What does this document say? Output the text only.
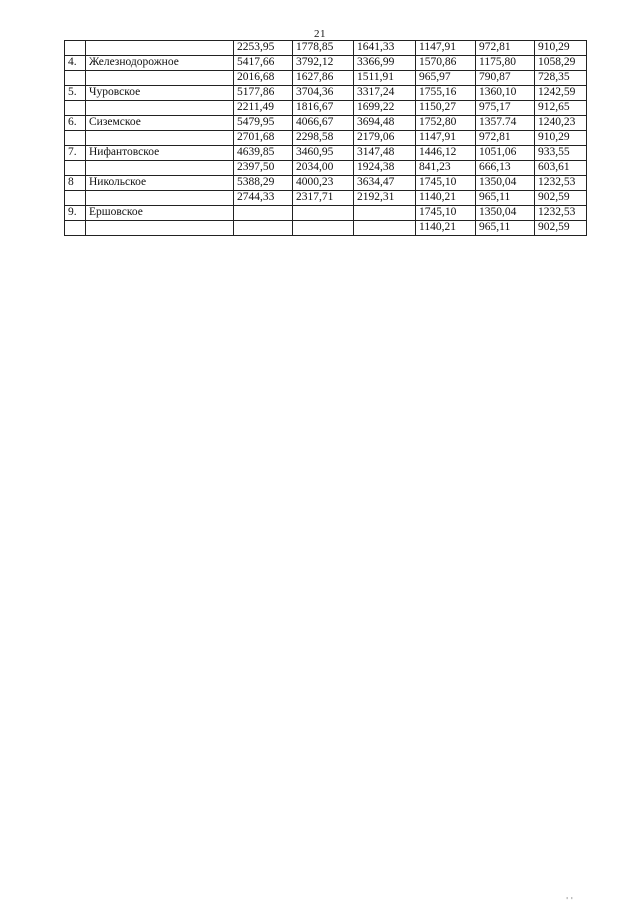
21
		2253,95	1778,85	1641,33	1147,91	972,81	910,29
4.	Железнодорожное	5417,66	3792,12	3366,99	1570,86	1175,80	1058,29
		2016,68	1627,86	1511,91	965,97	790,87	728,35
5.	Чуровское	5177,86	3704,36	3317,24	1755,16	1360,10	1242,59
		2211,49	1816,67	1699,22	1150,27	975,17	912,65
6.	Сиземское	5479,95	4066,67	3694,48	1752,80	1357.74	1240,23
		2701,68	2298,58	2179,06	1147,91	972,81	910,29
7.	Нифантовское	4639,85	3460,95	3147,48	1446,12	1051,06	933,55
		2397,50	2034,00	1924,38	841,23	666,13	603,61
8	Никольское	5388,29	4000,23	3634,47	1745,10	1350,04	1232,53
		2744,33	2317,71	2192,31	1140,21	965,11	902,59
9.	Ершовское				1745,10	1350,04	1232,53
					1140,21	965,11	902,59
' '
